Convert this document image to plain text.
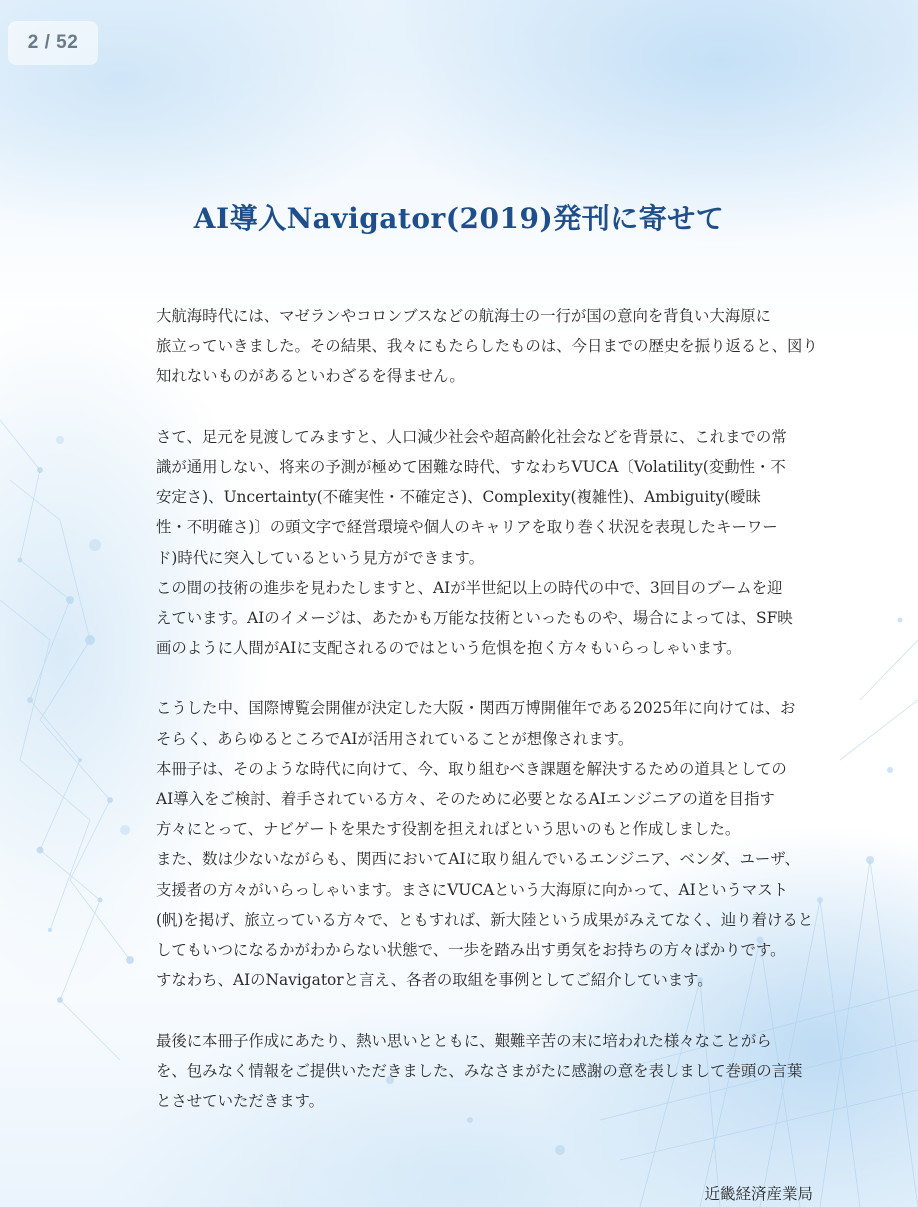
2 / 52
AI導入Navigator(2019)発刊に寄せて
大航海時代には、マゼランやコロンブスなどの航海士の一行が国の意向を背負い大海原に
旅立っていきました。その結果、我々にもたらしたものは、今日までの歴史を振り返ると、図り
知れないものがあるといわざるを得ません。
さて、足元を見渡してみますと、人口減少社会や超高齢化社会などを背景に、これまでの常
識が通用しない、将来の予測が極めて困難な時代、すなわちVUCA〔Volatility(変動性・不
安定さ)、Uncertainty(不確実性・不確定さ)、Complexity(複雑性)、Ambiguity(曖昧
性・不明確さ)〕の頭文字で経営環境や個人のキャリアを取り巻く状況を表現したキーワー
ド)時代に突入しているという見方ができます。
この間の技術の進歩を見わたしますと、AIが半世紀以上の時代の中で、3回目のブームを迎
えています。AIのイメージは、あたかも万能な技術といったものや、場合によっては、SF映
画のように人間がAIに支配されるのではという危惧を抱く方々もいらっしゃいます。
こうした中、国際博覧会開催が決定した大阪・関西万博開催年である2025年に向けては、お
そらく、あらゆるところでAIが活用されていることが想像されます。
本冊子は、そのような時代に向けて、今、取り組むべき課題を解決するための道具としての
AI導入をご検討、着手されている方々、そのために必要となるAIエンジニアの道を目指す
方々にとって、ナビゲートを果たす役割を担えればという思いのもと作成しました。
また、数は少ないながらも、関西においてAIに取り組んでいるエンジニア、ベンダ、ユーザ、
支援者の方々がいらっしゃいます。まさにVUCAという大海原に向かって、AIというマスト
(帆)を掲げ、旅立っている方々で、ともすれば、新大陸という成果がみえてなく、辿り着けると
してもいつになるかがわからない状態で、一歩を踏み出す勇気をお持ちの方々ばかりです。
すなわち、AIのNavigatorと言え、各者の取組を事例としてご紹介しています。
最後に本冊子作成にあたり、熱い思いとともに、艱難辛苦の末に培われた様々なことがら
を、包みなく情報をご提供いただきました、みなさまがたに感謝の意を表しまして巻頭の言葉
とさせていただきます。
近畿経済産業局
